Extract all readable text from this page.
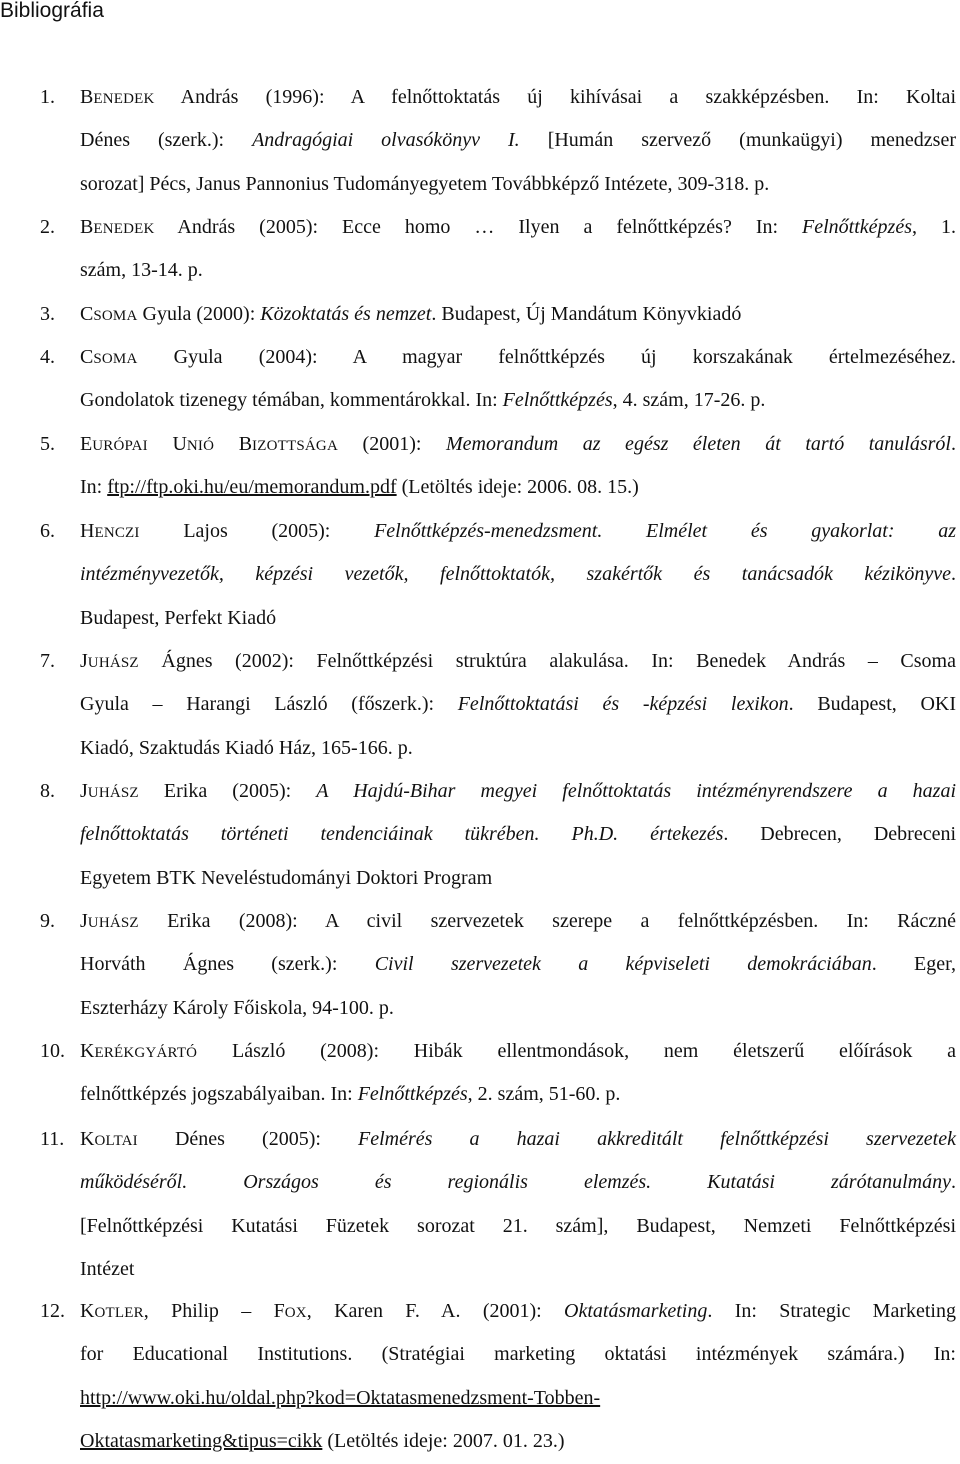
Bibliográfia
1. BENEDEK András (1996): A felnőttoktatás új kihívásai a szakképzésben. In: Koltai
Dénes (szerk.): Andragógiai olvasókönyv I. [Humán szervező (munkaügyi) menedzser
sorozat] Pécs, Janus Pannonius Tudományegyetem Továbbképző Intézete, 309-318. p.
2. BENEDEK András (2005): Ecce homo … Ilyen a felnőttképzés? In: Felnőttképzés, 1.
szám, 13-14. p.
3. CSOMA Gyula (2000): Közoktatás és nemzet. Budapest, Új Mandátum Könyvkiadó
4. CSOMA Gyula (2004): A magyar felnőttképzés új korszakának értelmezéséhez.
Gondolatok tizenegy témában, kommentárokkal. In: Felnőttképzés, 4. szám, 17-26. p.
5. EURÓPAI UNIÓ BIZOTTSÁGA (2001): Memorandum az egész életen át tartó tanulásról.
In: ftp://ftp.oki.hu/eu/memorandum.pdf (Letöltés ideje: 2006. 08. 15.)
6. HENCZI Lajos (2005): Felnőttképzés-menedzsment. Elmélet és gyakorlat: az
intézményvezetők, képzési vezetők, felnőttoktatók, szakértők és tanácsadók kézikönyve.
Budapest, Perfekt Kiadó
7. JUHÁSZ Ágnes (2002): Felnőttképzési struktúra alakulása. In: Benedek András – Csoma
Gyula – Harangi László (főszerk.): Felnőttoktatási és -képzési lexikon. Budapest, OKI
Kiadó, Szaktudás Kiadó Ház, 165-166. p.
8. JUHÁSZ Erika (2005): A Hajdú-Bihar megyei felnőttoktatás intézményrendszere a hazai
felnőttoktatás történeti tendenciáinak tükrében. Ph.D. értekezés. Debrecen, Debreceni
Egyetem BTK Neveléstudományi Doktori Program
9. JUHÁSZ Erika (2008): A civil szervezetek szerepe a felnőttképzésben. In: Ráczné
Horváth Ágnes (szerk.): Civil szervezetek a képviseleti demokráciában. Eger,
Eszterházy Károly Főiskola, 94-100. p.
10. KERÉKGYÁRTÓ László (2008): Hibák ellentmondások, nem életszerű előírások a
felnőttképzés jogszabályaiban. In: Felnőttképzés, 2. szám, 51-60. p.
11. KOLTAI Dénes (2005): Felmérés a hazai akkreditált felnőttképzési szervezetek
működéséről. Országos és regionális elemzés. Kutatási zárótanulmány.
[Felnőttképzési Kutatási Füzetek sorozat 21. szám], Budapest, Nemzeti Felnőttképzési
Intézet
12. KOTLER, Philip – FOX, Karen F. A. (2001): Oktatásmarketing. In: Strategic Marketing
for Educational Institutions. (Stratégiai marketing oktatási intézmények számára.) In:
http://www.oki.hu/oldal.php?kod=Oktatasmenedzsment-Tobben-
Oktatasmarketing&tipus=cikk (Letöltés ideje: 2007. 01. 23.)
